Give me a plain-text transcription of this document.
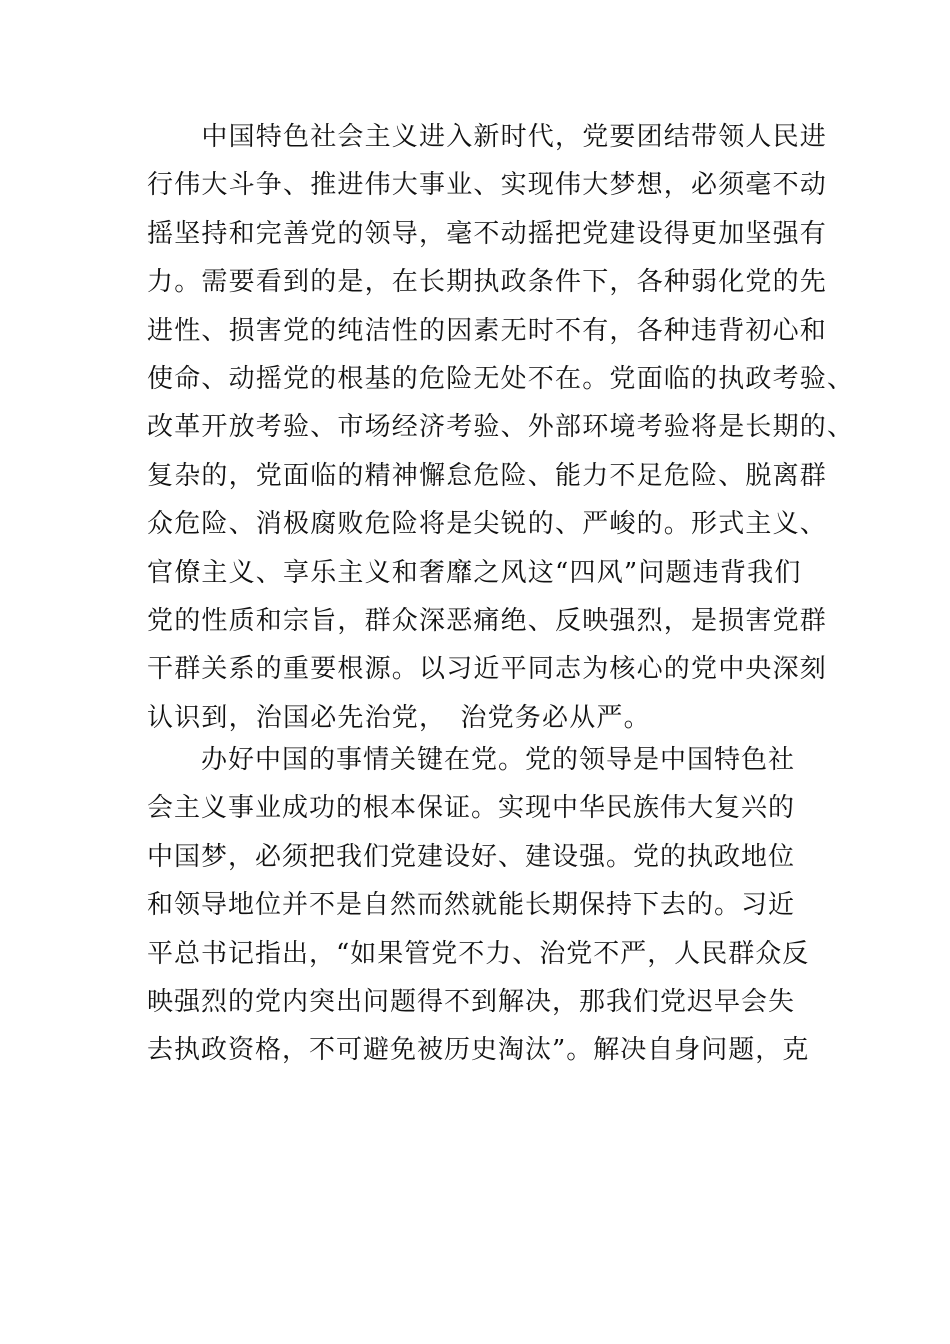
　　中国特色社会主义进入新时代，党要团结带领人民进
行伟大斗争、推进伟大事业、实现伟大梦想，必须毫不动
摇坚持和完善党的领导，毫不动摇把党建设得更加坚强有
力。需要看到的是，在长期执政条件下，各种弱化党的先
进性、损害党的纯洁性的因素无时不有，各种违背初心和
使命、动摇党的根基的危险无处不在。党面临的执政考验、
改革开放考验、市场经济考验、外部环境考验将是长期的、
复杂的，党面临的精神懈怠危险、能力不足危险、脱离群
众危险、消极腐败危险将是尖锐的、严峻的。形式主义、
官僚主义、享乐主义和奢靡之风这“四风”问题违背我们
党的性质和宗旨，群众深恶痛绝、反映强烈，是损害党群
干群关系的重要根源。以习近平同志为核心的党中央深刻
认识到，治国必先治党，　治党务必从严。
　　办好中国的事情关键在党。党的领导是中国特色社
会主义事业成功的根本保证。实现中华民族伟大复兴的
中国梦，必须把我们党建设好、建设强。党的执政地位
和领导地位并不是自然而然就能长期保持下去的。习近
平总书记指出，“如果管党不力、治党不严，人民群众反
映强烈的党内突出问题得不到解决，那我们党迟早会失
去执政资格，不可避免被历史淘汰”。解决自身问题，克
